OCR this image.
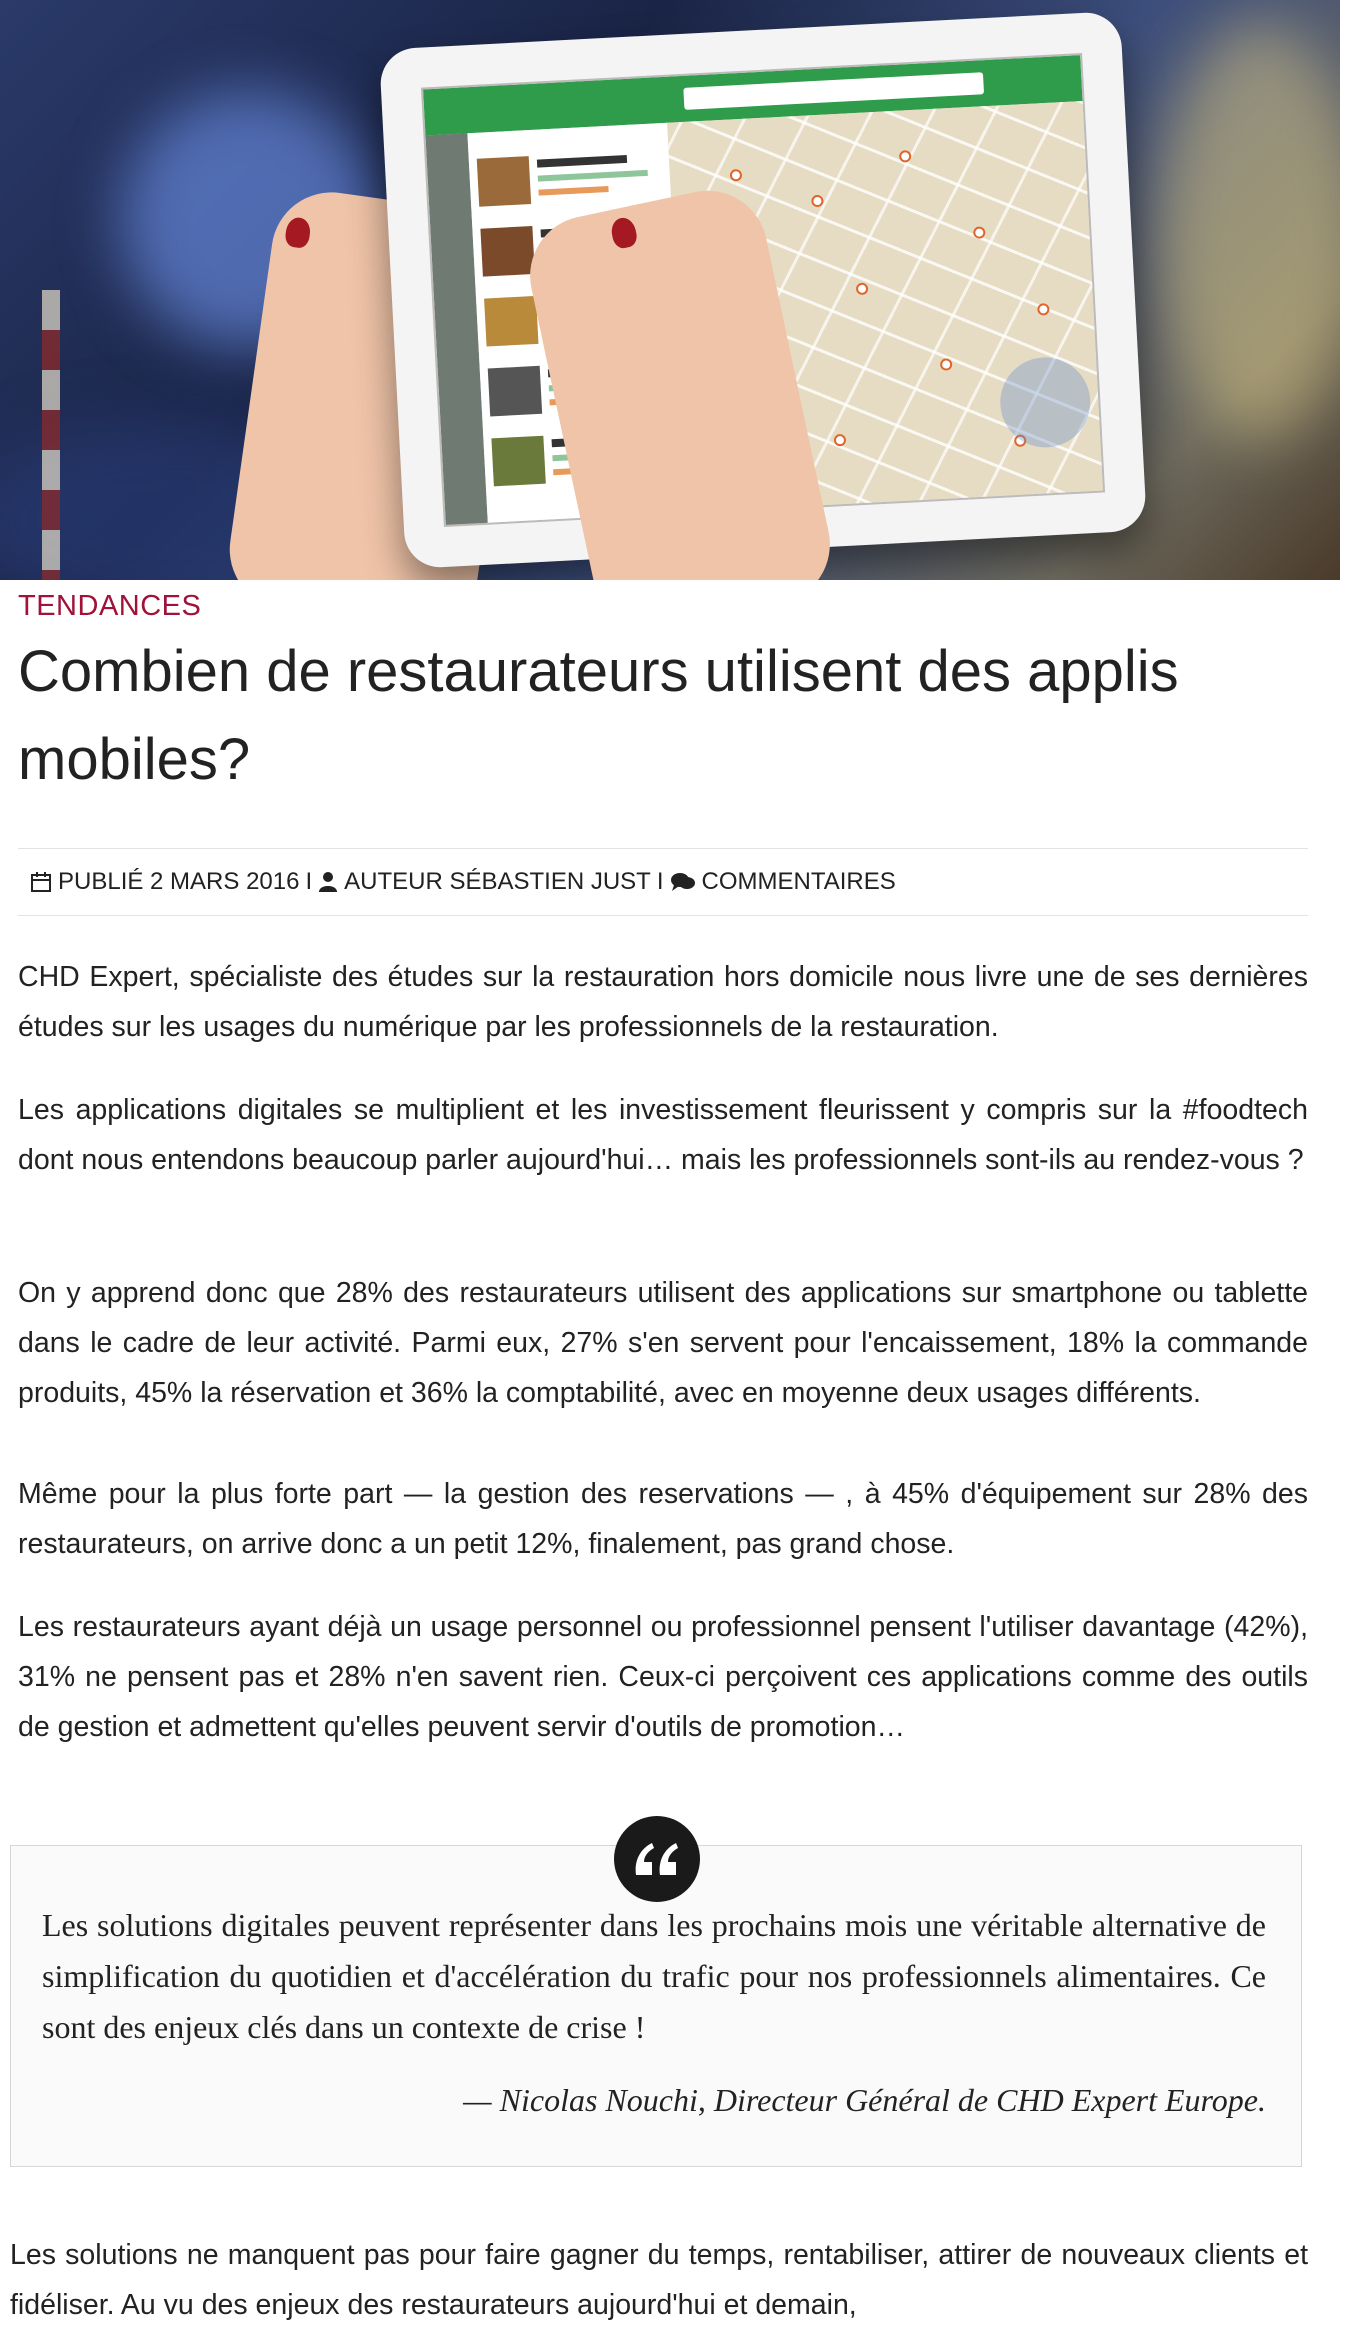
TENDANCES
Combien de restaurateurs utilisent des applis mobiles?
PUBLIÉ 2 MARS 2016 I AUTEUR SÉBASTIEN JUST I COMMENTAIRES

CHD Expert, spécialiste des études sur la restauration hors domicile nous livre une de ses dernières études sur les usages du numérique par les professionnels de la restauration.

Les applications digitales se multiplient et les investissement fleurissent y compris sur la #foodtech dont nous entendons beaucoup parler aujourd'hui… mais les professionnels sont-ils au rendez-vous ?

On y apprend donc que 28% des restaurateurs utilisent des applications sur smartphone ou tablette dans le cadre de leur activité. Parmi eux, 27% s'en servent pour l'encaissement, 18% la commande produits, 45% la réservation et 36% la comptabilité, avec en moyenne deux usages différents.

Même pour la plus forte part — la gestion des reservations — , à 45% d'équipement sur 28% des restaurateurs, on arrive donc a un petit 12%, finalement, pas grand chose.

Les restaurateurs ayant déjà un usage personnel ou professionnel pensent l'utiliser davantage (42%), 31% ne pensent pas et 28% n'en savent rien. Ceux-ci perçoivent ces applications comme des outils de gestion et admettent qu'elles peuvent servir d'outils de promotion…

Les solutions digitales peuvent représenter dans les prochains mois une véritable alternative de simplification du quotidien et d'accélération du trafic pour nos professionnels alimentaires. Ce sont des enjeux clés dans un contexte de crise !

— Nicolas Nouchi, Directeur Général de CHD Expert Europe.

Les solutions ne manquent pas pour faire gagner du temps, rentabiliser, attirer de nouveaux clients et fidéliser. Au vu des enjeux des restaurateurs aujourd'hui et demain,
